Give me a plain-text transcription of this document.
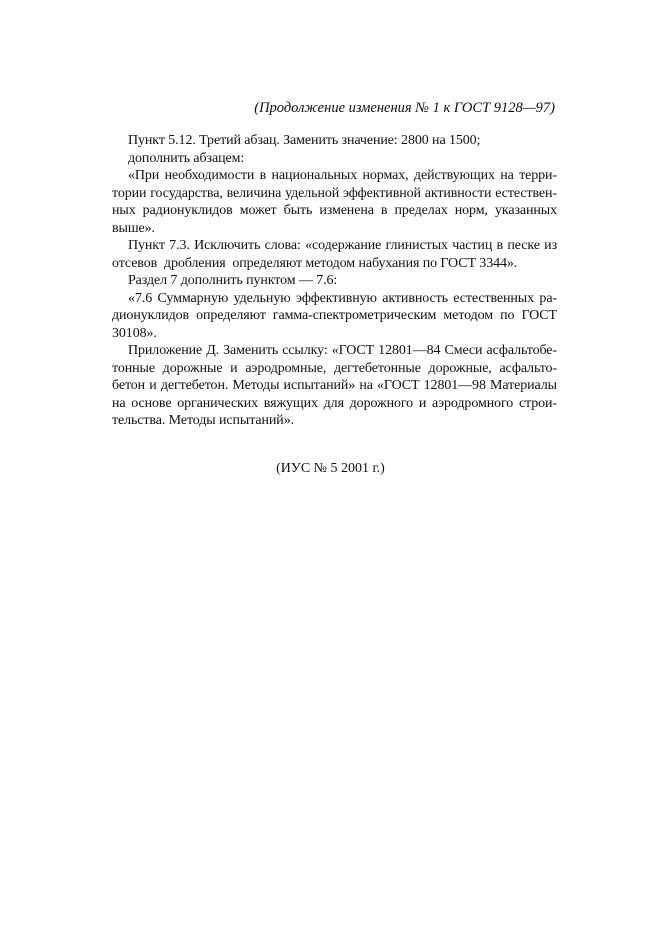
(Продолжение изменения № 1 к ГОСТ 9128—97)
Пункт 5.12. Третий абзац. Заменить значение: 2800 на 1500;
дополнить абзацем:
«При необходимости в национальных нормах, действующих на терри-
тории государства, величина удельной эффективной активности естествен-
ных радионуклидов может быть изменена в пределах норм, указанных
выше».
Пункт 7.3. Исключить слова: «содержание глинистых частиц в песке из
отсевов  дробления  определяют методом набухания по ГОСТ 3344».
Раздел 7 дополнить пунктом — 7.6:
«7.6 Суммарную удельную эффективную активность естественных ра-
дионуклидов определяют гамма-спектрометрическим методом по ГОСТ
30108».
Приложение Д. Заменить ссылку: «ГОСТ 12801—84 Смеси асфальтобе-
тонные дорожные и аэродромные, дегтебетонные дорожные, асфальто-
бетон и дегтебетон. Методы испытаний» на «ГОСТ 12801—98 Материалы
на основе органических вяжущих для дорожного и аэродромного строи-
тельства. Методы испытаний».
(ИУС № 5 2001 г.)
